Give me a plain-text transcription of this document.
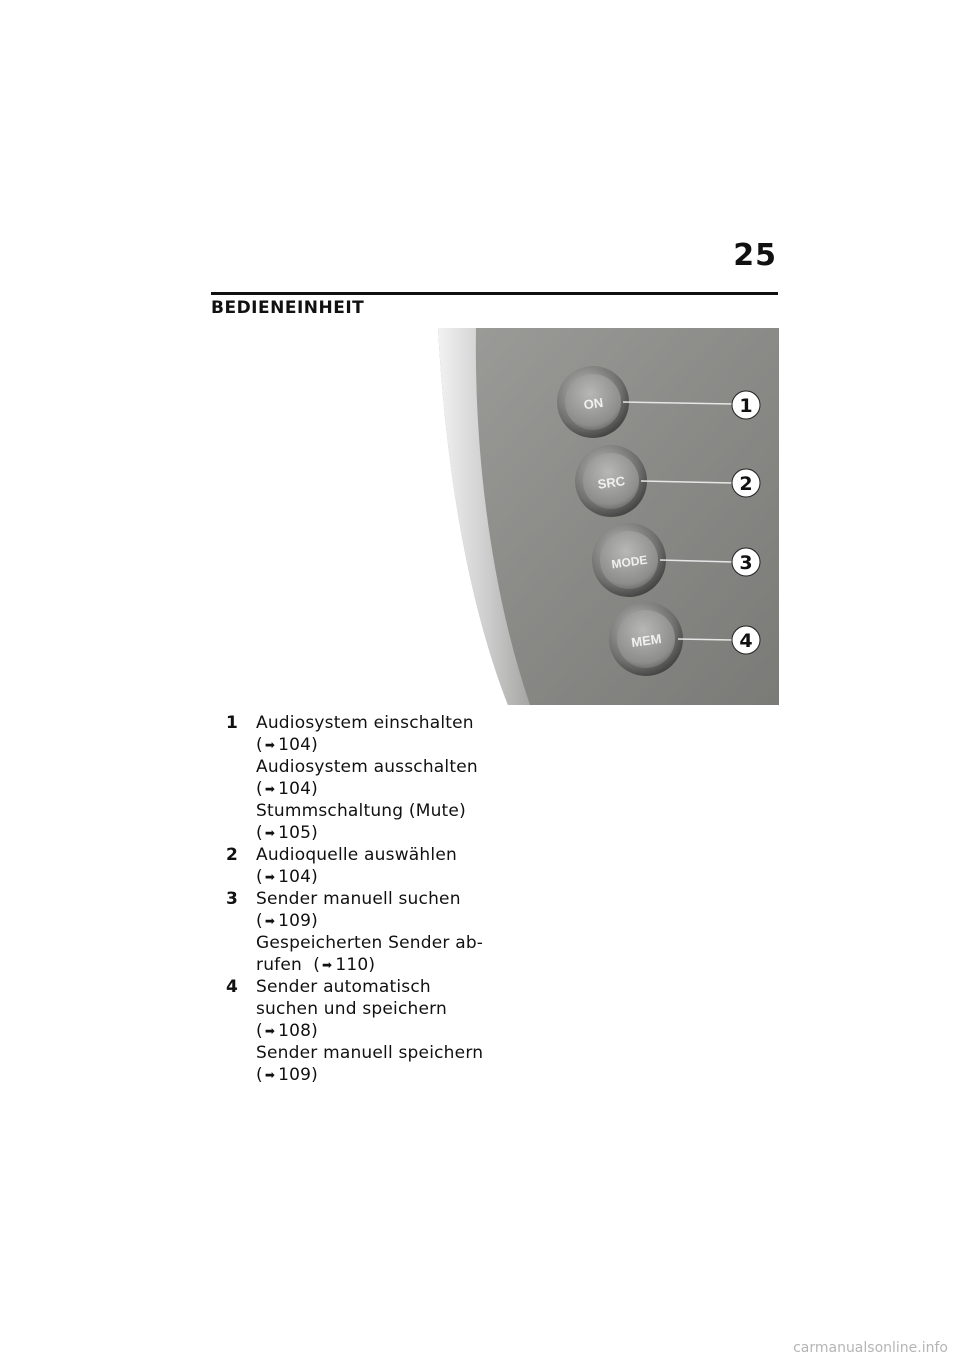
25
BEDIENEINHEIT
ON
SRC
MODE
MEM
1
2
3
4
1 Audiosystem einschalten
( ➡ 104)
Audiosystem ausschalten
( ➡ 104)
Stummschaltung (Mute)
( ➡ 105)
2 Audioquelle auswählen
( ➡ 104)
3 Sender manuell suchen
( ➡ 109)
Gespeicherten Sender ab-
rufen ( ➡ 110)
4 Sender automatisch
suchen und speichern
( ➡ 108)
Sender manuell speichern
( ➡ 109)
carmanualsonline.info
